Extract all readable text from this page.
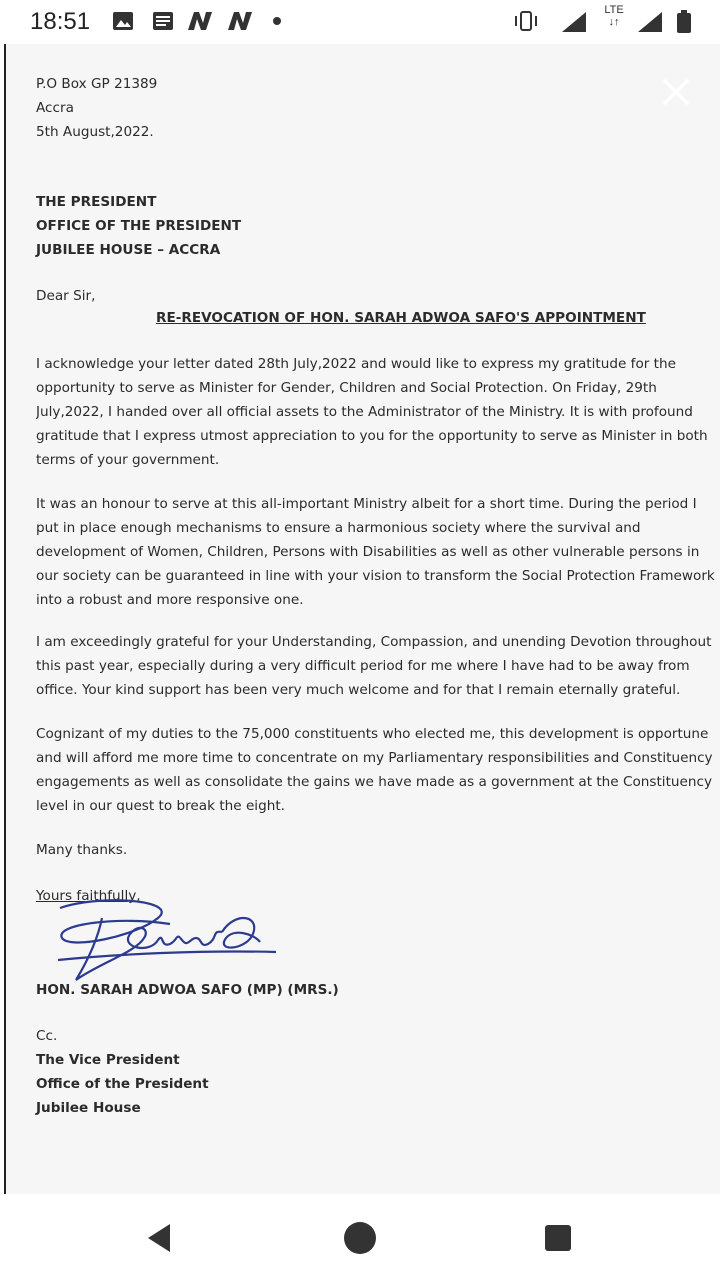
18:51	LTE
↓↑
P.O Box GP 21389
Accra
5th August,2022.
THE PRESIDENT
OFFICE OF THE PRESIDENT
JUBILEE HOUSE – ACCRA
Dear Sir,
RE-REVOCATION OF HON. SARAH ADWOA SAFO'S APPOINTMENT
I acknowledge your letter dated 28th July,2022 and would like to express my gratitude for the
opportunity to serve as Minister for Gender, Children and Social Protection. On Friday, 29th
July,2022, I handed over all official assets to the Administrator of the Ministry. It is with profound
gratitude that I express utmost appreciation to you for the opportunity to serve as Minister in both
terms of your government.
It was an honour to serve at this all-important Ministry albeit for a short time. During the period I
put in place enough mechanisms to ensure a harmonious society where the survival and
development of Women, Children, Persons with Disabilities as well as other vulnerable persons in
our society can be guaranteed in line with your vision to transform the Social Protection Framework
into a robust and more responsive one.
I am exceedingly grateful for your Understanding, Compassion, and unending Devotion throughout
this past year, especially during a very difficult period for me where I have had to be away from
office. Your kind support has been very much welcome and for that I remain eternally grateful.
Cognizant of my duties to the 75,000 constituents who elected me, this development is opportune
and will afford me more time to concentrate on my Parliamentary responsibilities and Constituency
engagements as well as consolidate the gains we have made as a government at the Constituency
level in our quest to break the eight.
Many thanks.
Yours faithfully,
HON. SARAH ADWOA SAFO (MP) (MRS.)
Cc.
The Vice President
Office of the President
Jubilee House
